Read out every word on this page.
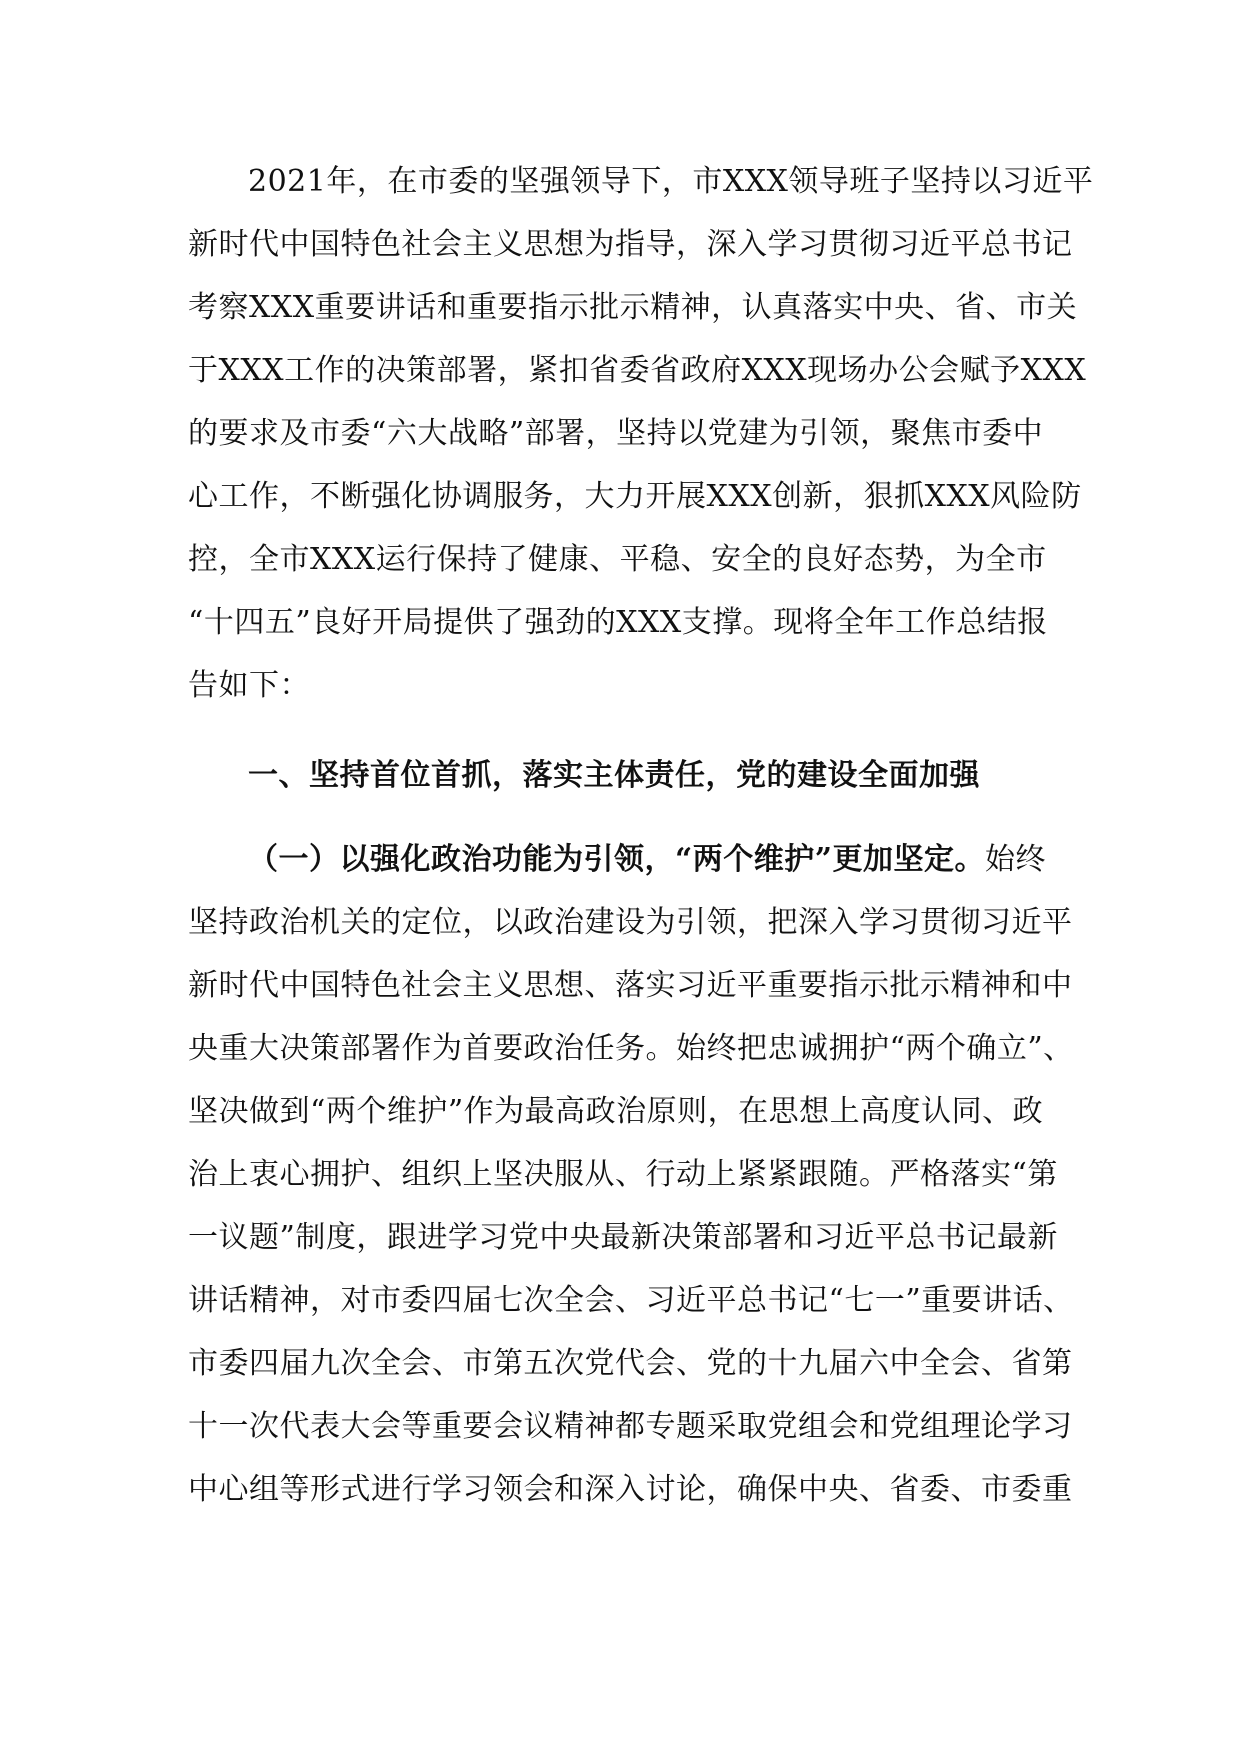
2021年，在市委的坚强领导下，市XXX领导班子坚持以习近平
新时代中国特色社会主义思想为指导，深入学习贯彻习近平总书记
考察XXX重要讲话和重要指示批示精神，认真落实中央、省、市关
于XXX工作的决策部署，紧扣省委省政府XXX现场办公会赋予XXX
的要求及市委“六大战略”部署，坚持以党建为引领，聚焦市委中
心工作，不断强化协调服务，大力开展XXX创新，狠抓XXX风险防
控，全市XXX运行保持了健康、平稳、安全的良好态势，为全市
“十四五”良好开局提供了强劲的XXX支撑。现将全年工作总结报
告如下：
一、坚持首位首抓，落实主体责任，党的建设全面加强
（一）以强化政治功能为引领，“两个维护”更加坚定。始终
坚持政治机关的定位，以政治建设为引领，把深入学习贯彻习近平
新时代中国特色社会主义思想、落实习近平重要指示批示精神和中
央重大决策部署作为首要政治任务。始终把忠诚拥护“两个确立”、
坚决做到“两个维护”作为最高政治原则，在思想上高度认同、政
治上衷心拥护、组织上坚决服从、行动上紧紧跟随。严格落实“第
一议题”制度，跟进学习党中央最新决策部署和习近平总书记最新
讲话精神，对市委四届七次全会、习近平总书记“七一”重要讲话、
市委四届九次全会、市第五次党代会、党的十九届六中全会、省第
十一次代表大会等重要会议精神都专题采取党组会和党组理论学习
中心组等形式进行学习领会和深入讨论，确保中央、省委、市委重
